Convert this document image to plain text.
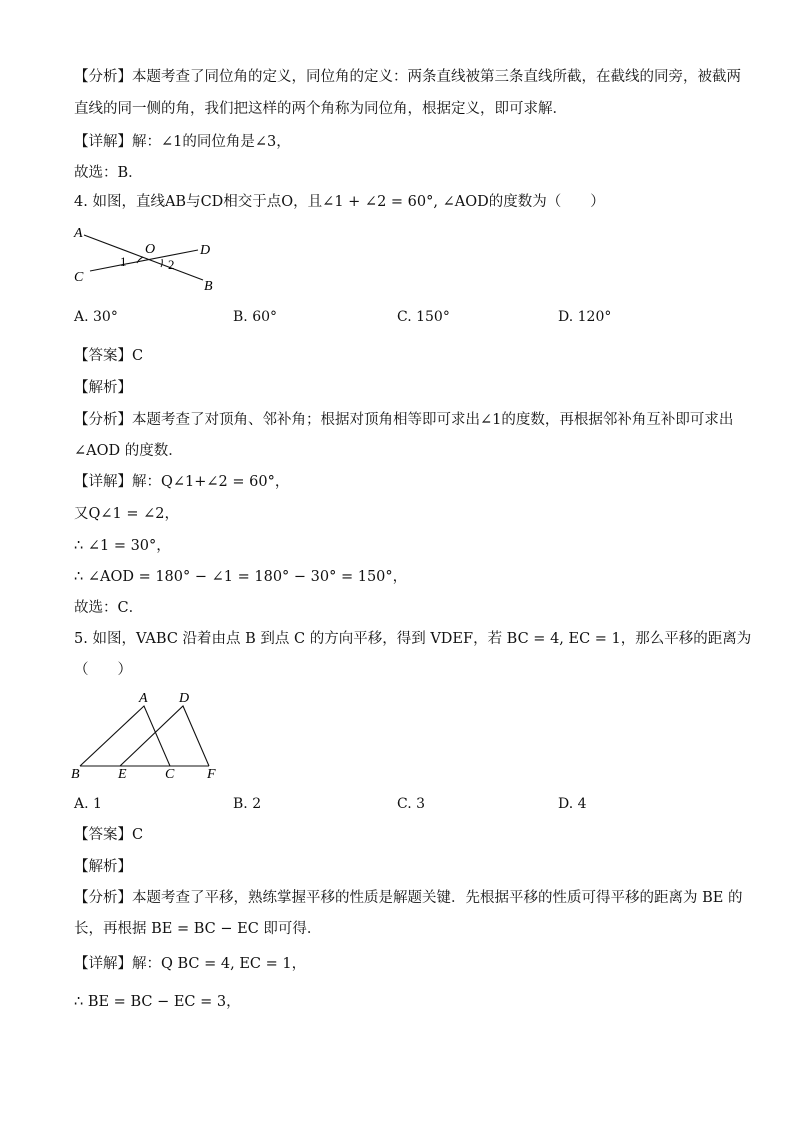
【分析】本题考查了同位角的定义，同位角的定义：两条直线被第三条直线所截，在截线的同旁，被截两
直线的同一侧的角，我们把这样的两个角称为同位角，根据定义，即可求解．
【详解】解：∠1的同位角是∠3，
故选：B．
4. 如图，直线AB与CD相交于点O，且∠1 + ∠2 = 60°, ∠AOD的度数为（　　）
A
O	D
C
B
1	2
A. 30°	B. 60°	C. 150°	D. 120°
【答案】C
【解析】
【分析】本题考查了对顶角、邻补角；根据对顶角相等即可求出∠1的度数，再根据邻补角互补即可求出
∠AOD 的度数．
【详解】解：Q∠1+∠2 = 60°，
又Q∠1 = ∠2，
∴ ∠1 = 30°，
∴ ∠AOD = 180° − ∠1 = 180° − 30° = 150°，
故选：C．
5. 如图，VABC 沿着由点 B 到点 C 的方向平移，得到 VDEF，若 BC = 4, EC = 1，那么平移的距离为
（　　）
A D
B	E	C F
A. 1	B. 2	C. 3	D. 4
【答案】C
【解析】
【分析】本题考查了平移，熟练掌握平移的性质是解题关键．先根据平移的性质可得平移的距离为 BE 的
长，再根据 BE = BC − EC 即可得．
【详解】解：Q BC = 4, EC = 1，
∴ BE = BC − EC = 3，
